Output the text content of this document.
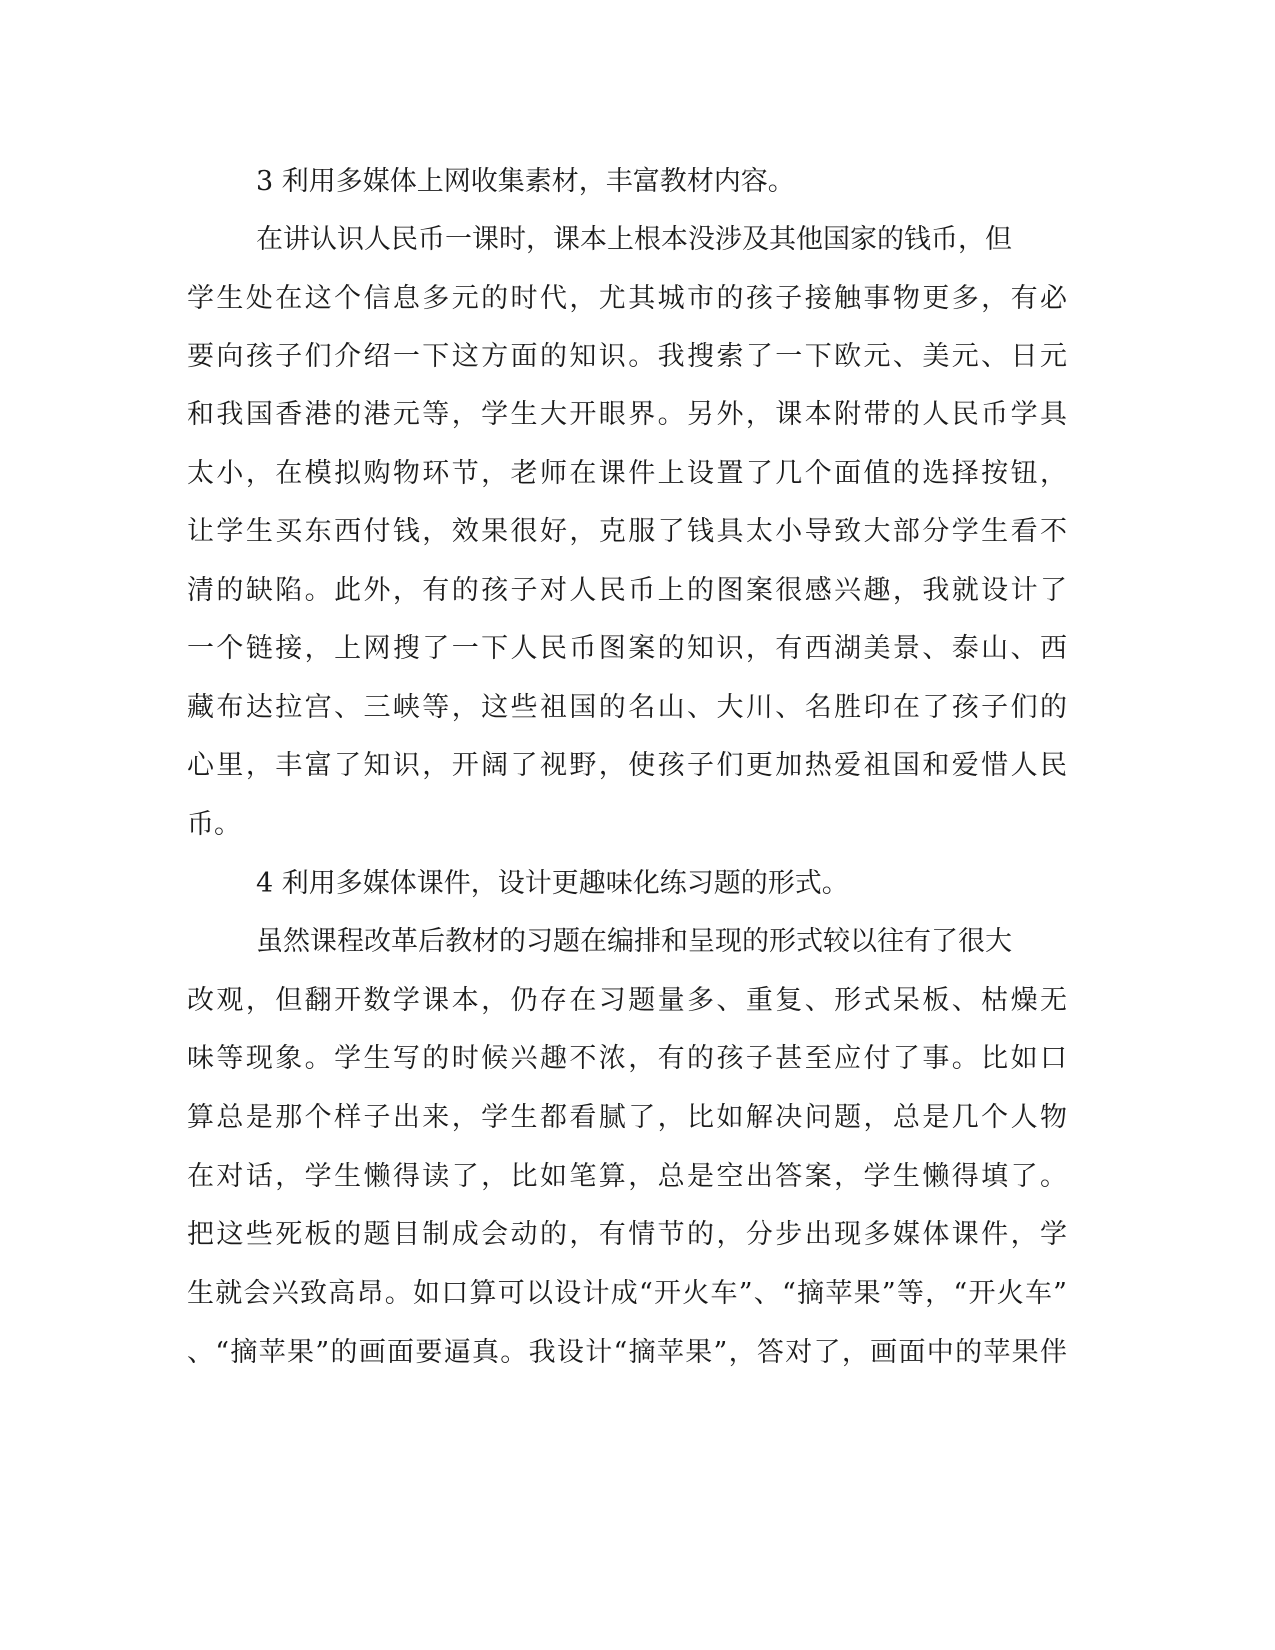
3 利用多媒体上网收集素材，丰富教材内容。

在讲认识人民币一课时，课本上根本没涉及其他国家的钱币，但

学生处在这个信息多元的时代，尤其城市的孩子接触事物更多，有必

要向孩子们介绍一下这方面的知识。我搜索了一下欧元、美元、日元

和我国香港的港元等，学生大开眼界。另外，课本附带的人民币学具

太小，在模拟购物环节，老师在课件上设置了几个面值的选择按钮，

让学生买东西付钱，效果很好，克服了钱具太小导致大部分学生看不

清的缺陷。此外，有的孩子对人民币上的图案很感兴趣，我就设计了

一个链接，上网搜了一下人民币图案的知识，有西湖美景、泰山、西

藏布达拉宫、三峡等，这些祖国的名山、大川、名胜印在了孩子们的

心里，丰富了知识，开阔了视野，使孩子们更加热爱祖国和爱惜人民

币。

4 利用多媒体课件，设计更趣味化练习题的形式。

虽然课程改革后教材的习题在编排和呈现的形式较以往有了很大

改观，但翻开数学课本，仍存在习题量多、重复、形式呆板、枯燥无

味等现象。学生写的时候兴趣不浓，有的孩子甚至应付了事。比如口

算总是那个样子出来，学生都看腻了，比如解决问题，总是几个人物

在对话，学生懒得读了，比如笔算，总是空出答案，学生懒得填了。

把这些死板的题目制成会动的，有情节的，分步出现多媒体课件，学

生就会兴致高昂。如口算可以设计成“开火车”、“摘苹果”等，“开火车”

、“摘苹果”的画面要逼真。我设计“摘苹果”，答对了，画面中的苹果伴
